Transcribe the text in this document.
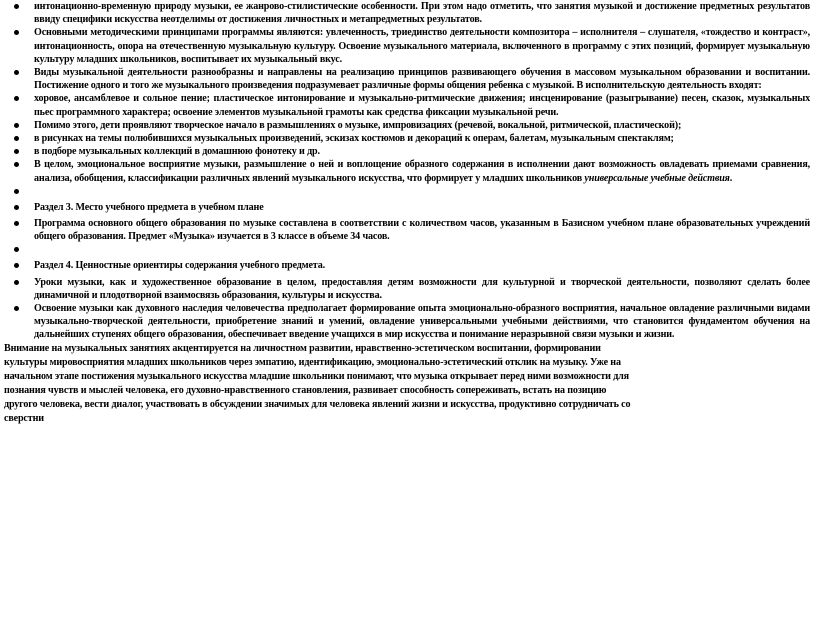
интонационно-временную природу музыки, ее жанрово-стилистические особенности. При этом надо отметить, что занятия музыкой и достижение предметных результатов ввиду специфики искусства неотделимы от достижения личностных и метапредметных результатов.
Основными методическими принципами программы являются: увлеченность, триединство деятельности композитора – исполнителя – слушателя, «тождество и контраст», интонационность, опора на отечественную музыкальную культуру. Освоение музыкального материала, включенного в программу с этих позиций, формирует музыкальную культуру младших школьников, воспитывает их музыкальный вкус.
Виды музыкальной деятельности разнообразны и направлены на реализацию принципов развивающего обучения в массовом музыкальном образовании и воспитании. Постижение одного и того же музыкального произведения подразумевает различные формы общения ребенка с музыкой. В исполнительскую деятельность входят:
хоровое, ансамблевое и сольное пение; пластическое интонирование и музыкально-ритмические движения; инсценирование (разыгрывание) песен, сказок, музыкальных пьес программного характера; освоение элементов музыкальной грамоты как средства фиксации музыкальной речи.
Помимо этого, дети проявляют творческое начало в размышлениях о музыке, импровизациях (речевой, вокальной, ритмической, пластической);
в рисунках на темы полюбившихся музыкальных произведений, эскизах костюмов и декораций к операм, балетам, музыкальным спектаклям;
в подборе музыкальных коллекций в домашнюю фонотеку и др.
В целом, эмоциональное восприятие музыки, размышление о ней и воплощение образного содержания в исполнении дают возможность овладевать приемами сравнения, анализа, обобщения, классификации различных явлений музыкального искусства, что формирует у младших школьников универсальные учебные действия.
Раздел 3. Место учебного предмета в учебном плане
Программа основного общего образования по музыке составлена в соответствии с количеством часов, указанным в Базисном учебном плане образовательных учреждений общего образования. Предмет «Музыка» изучается в 3 классе в объеме 34 часов.
Раздел 4. Ценностные ориентиры содержания учебного предмета.
Уроки музыки, как и художественное образование в целом, предоставляя детям возможности для культурной и творческой деятельности, позволяют сделать более динамичной и плодотворной взаимосвязь образования, культуры и искусства.
Освоение музыки как духовного наследия человечества предполагает формирование опыта эмоционально-образного восприятия, начальное овладение различными видами музыкально-творческой деятельности, приобретение знаний и умений, овладение универсальными учебными действиями, что становится фундаментом обучения на дальнейших ступенях общего образования, обеспечивает введение учащихся в мир искусства и понимание неразрывной связи музыки и жизни.
Внимание на музыкальных занятиях акцентируется на личностном развитии, нравственно-эстетическом воспитании, формировании
культуры мировосприятия младших школьников через эмпатию, идентификацию, эмоционально-эстетический отклик на музыку. Уже на
начальном этапе постижения музыкального искусства младшие школьники понимают, что музыка открывает перед ними возможности для
познания чувств и мыслей человека, его духовно-нравственного становления, развивает способность сопереживать, встать на позицию
другого человека, вести диалог, участвовать в обсуждении значимых для человека явлений жизни и искусства, продуктивно сотрудничать со
сверстни
